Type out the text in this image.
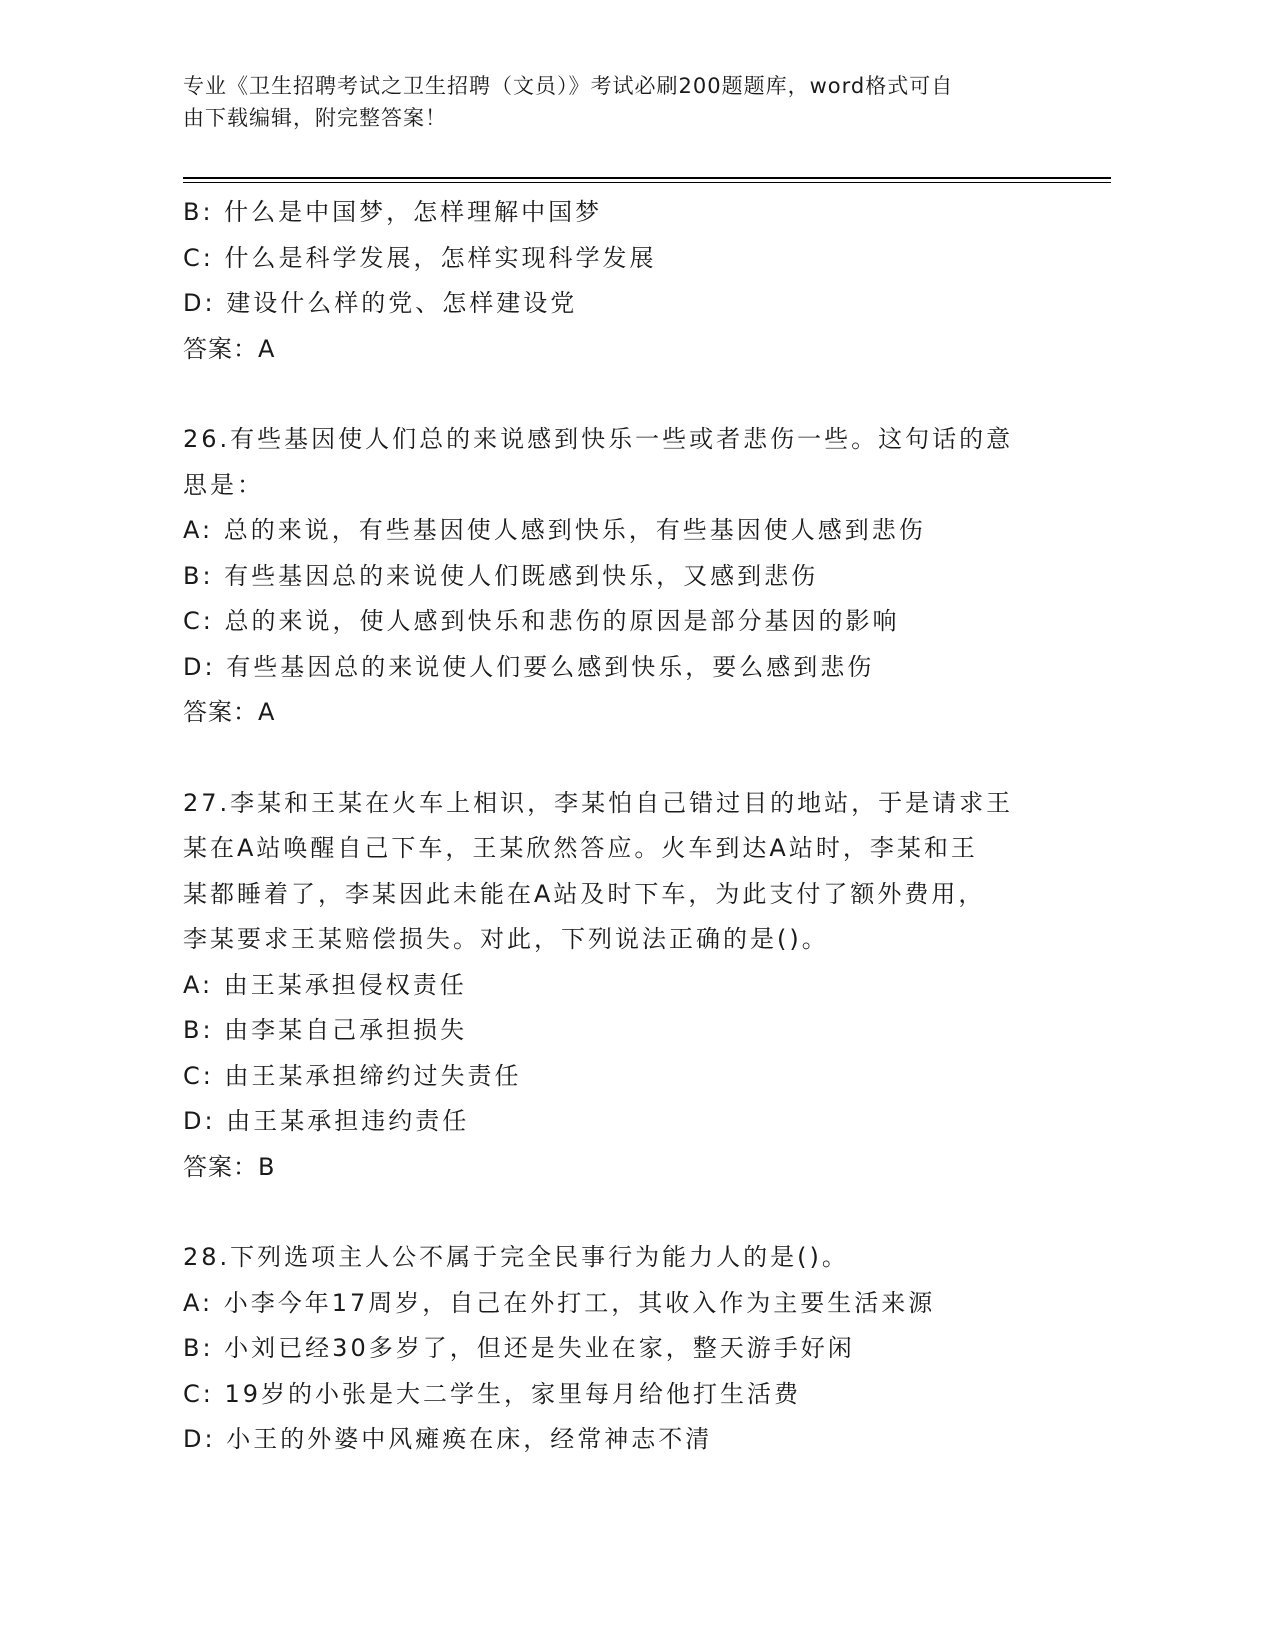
专业《卫生招聘考试之卫生招聘（文员）》考试必刷200题题库，word格式可自
由下载编辑，附完整答案！

B: 什么是中国梦，怎样理解中国梦

C: 什么是科学发展，怎样实现科学发展

D: 建设什么样的党、怎样建设党

答案：A

26.有些基因使人们总的来说感到快乐一些或者悲伤一些。这句话的意

思是：

A: 总的来说，有些基因使人感到快乐，有些基因使人感到悲伤

B: 有些基因总的来说使人们既感到快乐，又感到悲伤

C: 总的来说，使人感到快乐和悲伤的原因是部分基因的影响

D: 有些基因总的来说使人们要么感到快乐，要么感到悲伤

答案：A

27.李某和王某在火车上相识，李某怕自己错过目的地站，于是请求王

某在A站唤醒自己下车，王某欣然答应。火车到达A站时，李某和王

某都睡着了，李某因此未能在A站及时下车，为此支付了额外费用，

李某要求王某赔偿损失。对此，下列说法正确的是()。

A: 由王某承担侵权责任

B: 由李某自己承担损失

C: 由王某承担缔约过失责任

D: 由王某承担违约责任

答案：B

28.下列选项主人公不属于完全民事行为能力人的是()。

A: 小李今年17周岁，自己在外打工，其收入作为主要生活来源

B: 小刘已经30多岁了，但还是失业在家，整天游手好闲

C: 19岁的小张是大二学生，家里每月给他打生活费

D: 小王的外婆中风瘫痪在床，经常神志不清
